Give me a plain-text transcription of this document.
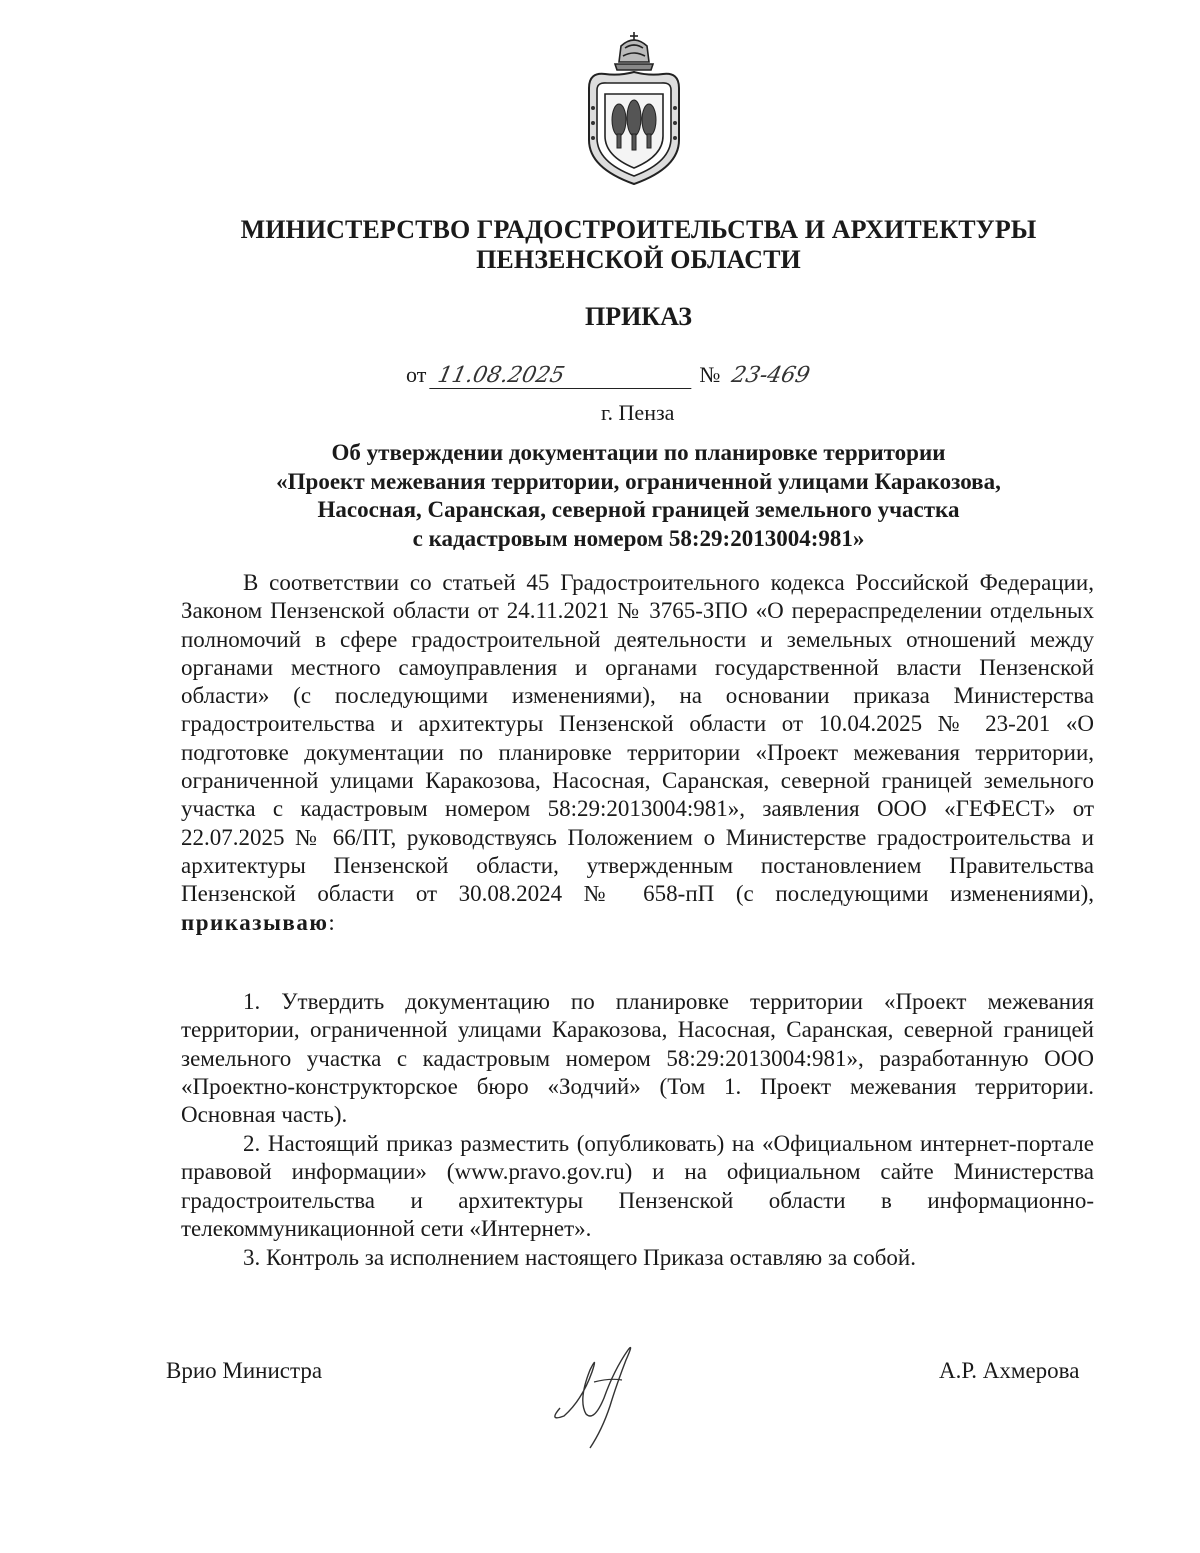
МИНИСТЕРСТВО ГРАДОСТРОИТЕЛЬСТВА И АРХИТЕКТУРЫ
ПЕНЗЕНСКОЙ ОБЛАСТИ
ПРИКАЗ
от 11.08.2025	№ 23-469
г. Пенза
Об утверждении документации по планировке территории
«Проект межевания территории, ограниченной улицами Каракозова,
Насосная, Саранская, северной границей земельного участка
с кадастровым номером 58:29:2013004:981»

В соответствии со статьей 45 Градостроительного кодекса Российской Федерации, Законом Пензенской области от 24.11.2021 № 3765-ЗПО «О перераспределении отдельных полномочий в сфере градостроительной деятельности и земельных отношений между органами местного самоуправления и органами государственной власти Пензенской области» (с последующими изменениями), на основании приказа Министерства градостроительства и архитектуры Пензенской области от 10.04.2025 № 23-201 «О подготовке документации по планировке территории «Проект межевания территории, ограниченной улицами Каракозова, Насосная, Саранская, северной границей земельного участка с кадастровым номером 58:29:2013004:981», заявления ООО «ГЕФЕСТ» от 22.07.2025 № 66/ПТ, руководствуясь Положением о Министерстве градостроительства и архитектуры Пензенской области, утвержденным постановлением Правительства Пензенской области от 30.08.2024 № 658-пП (с последующими изменениями), приказываю:

1. Утвердить документацию по планировке территории «Проект межевания территории, ограниченной улицами Каракозова, Насосная, Саранская, северной границей земельного участка с кадастровым номером 58:29:2013004:981», разработанную ООО «Проектно-конструкторское бюро «Зодчий» (Том 1. Проект межевания территории. Основная часть).

2. Настоящий приказ разместить (опубликовать) на «Официальном интернет-портале правовой информации» (www.pravo.gov.ru) и на официальном сайте Министерства градостроительства и архитектуры Пензенской области в информационно-телекоммуникационной сети «Интернет».

3. Контроль за исполнением настоящего Приказа оставляю за собой.

Врио Министра	А.Р. Ахмерова
